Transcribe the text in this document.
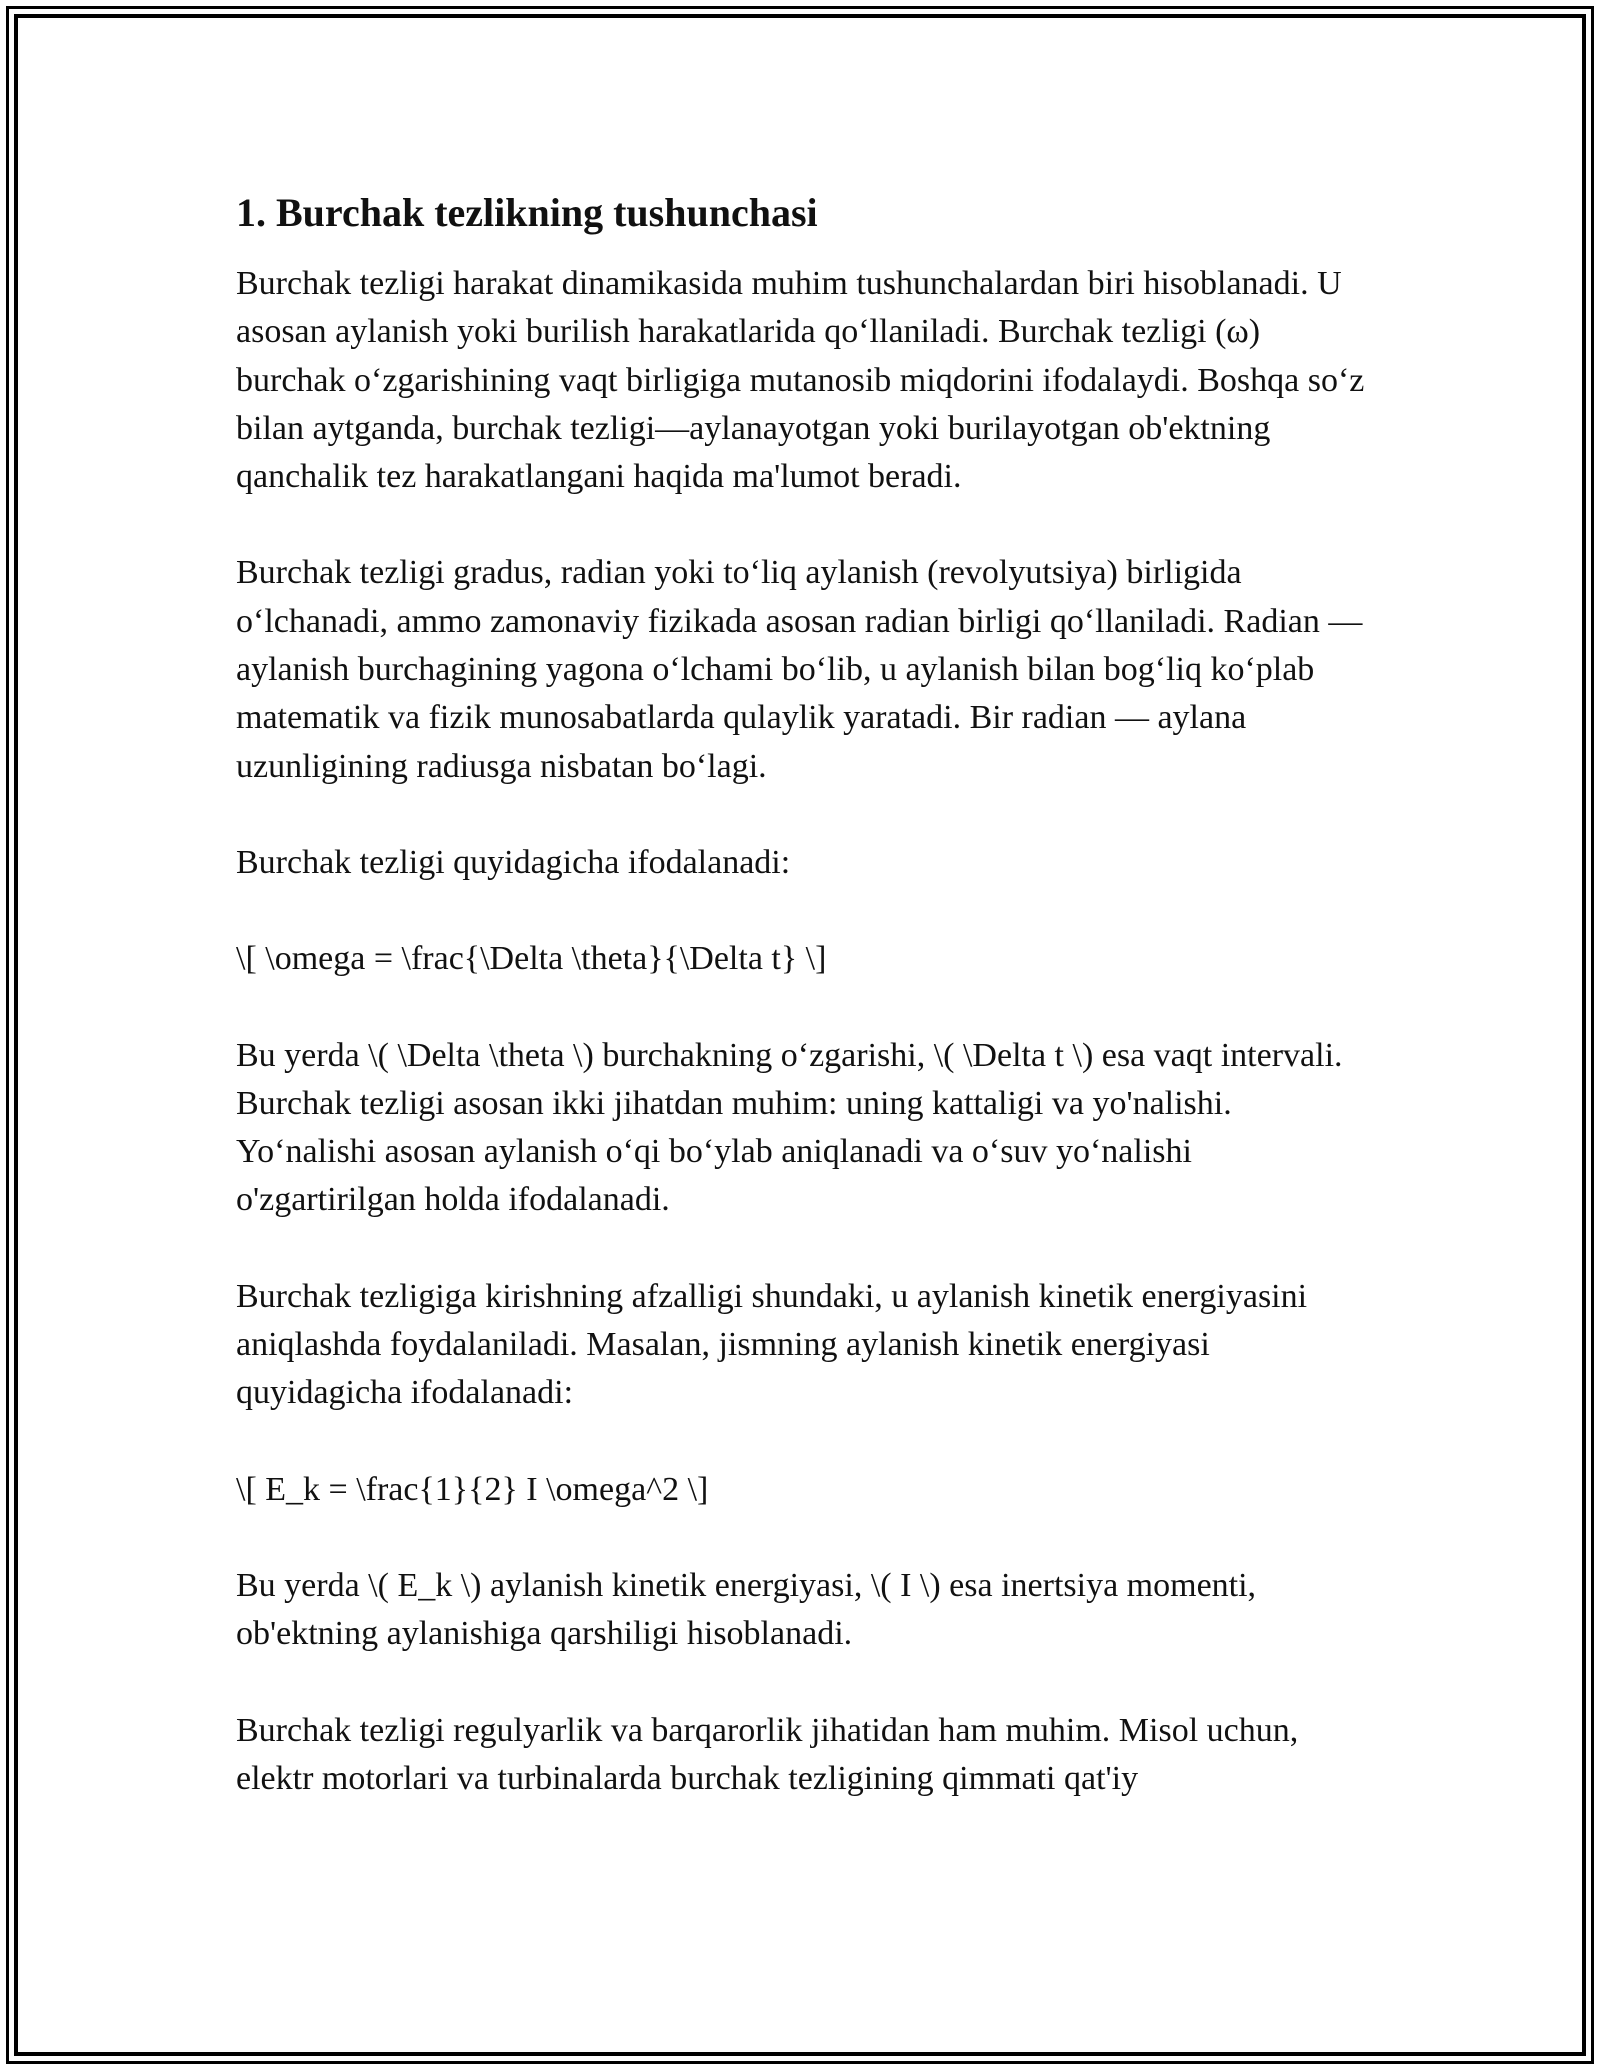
1. Burchak tezlikning tushunchasi

Burchak tezligi harakat dinamikasida muhim tushunchalardan biri hisoblanadi. U asosan aylanish yoki burilish harakatlarida qo‘llaniladi. Burchak tezligi (ω) burchak o‘zgarishining vaqt birligiga mutanosib miqdorini ifodalaydi. Boshqa so‘z bilan aytganda, burchak tezligi—aylanayotgan yoki burilayotgan ob'ektning qanchalik tez harakatlangani haqida ma'lumot beradi.

Burchak tezligi gradus, radian yoki to‘liq aylanish (revolyutsiya) birligida o‘lchanadi, ammo zamonaviy fizikada asosan radian birligi qo‘llaniladi. Radian — aylanish burchagining yagona o‘lchami bo‘lib, u aylanish bilan bog‘liq ko‘plab matematik va fizik munosabatlarda qulaylik yaratadi. Bir radian — aylana uzunligining radiusga nisbatan bo‘lagi.

Burchak tezligi quyidagicha ifodalanadi:

\[ \omega = \frac{\Delta \theta}{\Delta t} \]

Bu yerda \( \Delta \theta \) burchakning o‘zgarishi, \( \Delta t \) esa vaqt intervali. Burchak tezligi asosan ikki jihatdan muhim: uning kattaligi va yo'nalishi. Yo‘nalishi asosan aylanish o‘qi bo‘ylab aniqlanadi va o‘suv yo‘nalishi o'zgartirilgan holda ifodalanadi.

Burchak tezligiga kirishning afzalligi shundaki, u aylanish kinetik energiyasini aniqlashda foydalaniladi. Masalan, jismning aylanish kinetik energiyasi quyidagicha ifodalanadi:

\[ E_k = \frac{1}{2} I \omega^2 \]

Bu yerda \( E_k \) aylanish kinetik energiyasi, \( I \) esa inertsiya momenti, ob'ektning aylanishiga qarshiligi hisoblanadi.

Burchak tezligi regulyarlik va barqarorlik jihatidan ham muhim. Misol uchun, elektr motorlari va turbinalarda burchak tezligining qimmati qat'iy
